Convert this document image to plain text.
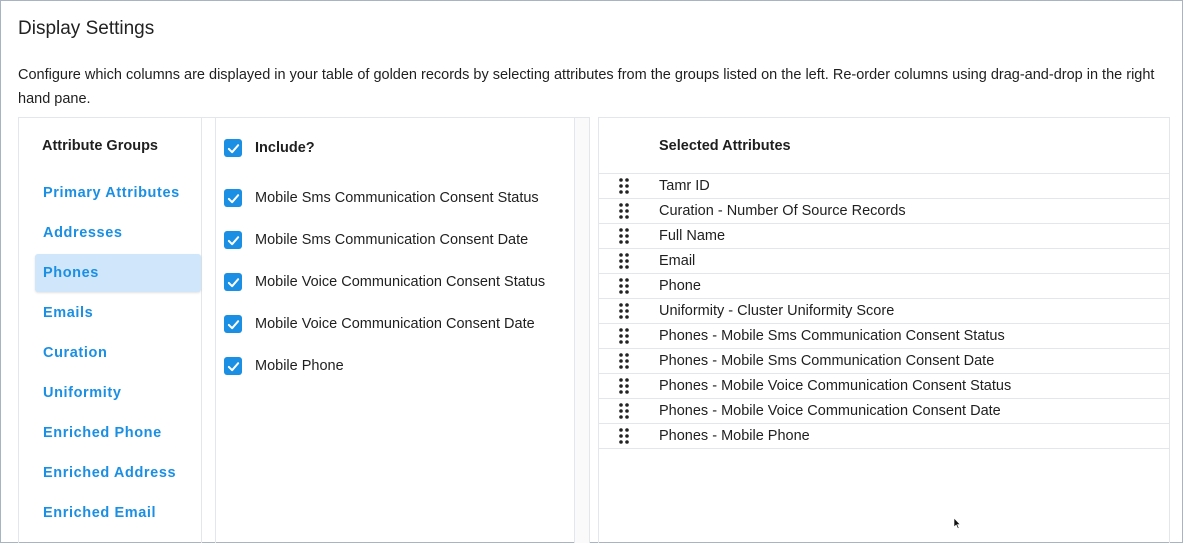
Display Settings
Configure which columns are displayed in your table of golden records by selecting attributes from the groups listed on the left. Re-order columns using drag-and-drop in the right hand pane.
Attribute Groups
Primary Attributes
Addresses
Phones
Emails
Curation
Uniformity
Enriched Phone
Enriched Address
Enriched Email
Include?
Mobile Sms Communication Consent Status
Mobile Sms Communication Consent Date
Mobile Voice Communication Consent Status
Mobile Voice Communication Consent Date
Mobile Phone
Selected Attributes
Tamr ID
Curation - Number Of Source Records
Full Name
Email
Phone
Uniformity - Cluster Uniformity Score
Phones - Mobile Sms Communication Consent Status
Phones - Mobile Sms Communication Consent Date
Phones - Mobile Voice Communication Consent Status
Phones - Mobile Voice Communication Consent Date
Phones - Mobile Phone
